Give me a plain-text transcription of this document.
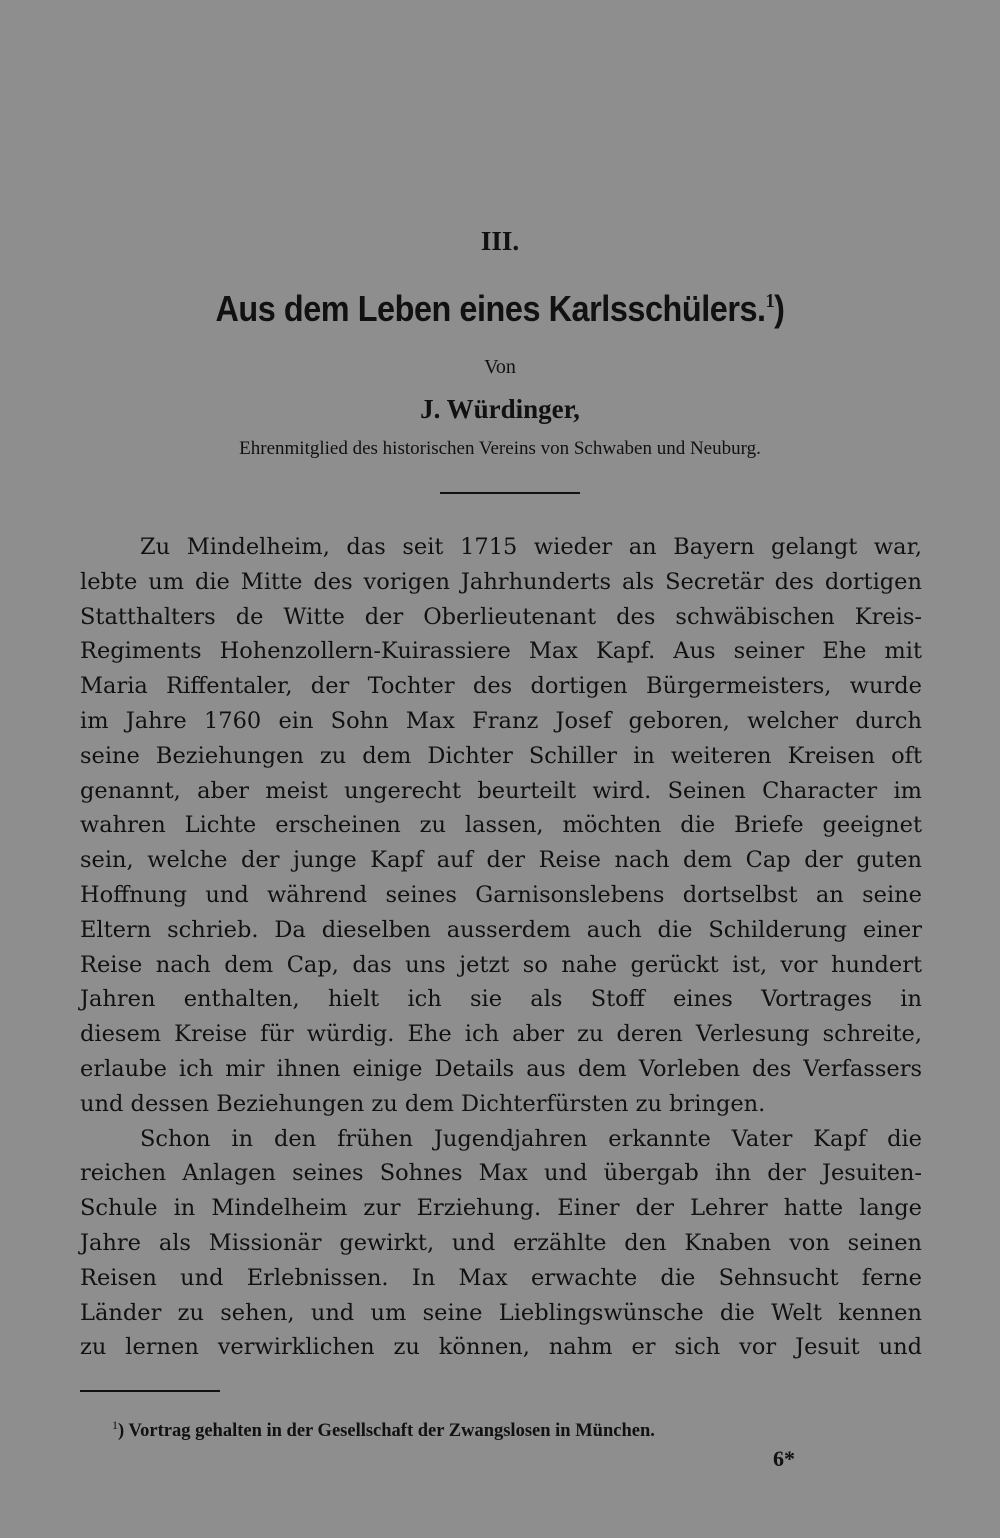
III.
Aus dem Leben eines Karlsschülers.$^1$)
Von
J. Würdinger,
Ehrenmitglied des historischen Vereins von Schwaben und Neuburg.
Zu Mindelheim, das seit 1715 wieder an Bayern gelangt war,
lebte um die Mitte des vorigen Jahrhunderts als Secretär des dortigen
Statthalters de Witte der Oberlieutenant des schwäbischen Kreis-
Regiments Hohenzollern-Kuirassiere Max Kapf. Aus seiner Ehe mit
Maria Riffentaler, der Tochter des dortigen Bürgermeisters, wurde
im Jahre 1760 ein Sohn Max Franz Josef geboren, welcher durch
seine Beziehungen zu dem Dichter Schiller in weiteren Kreisen oft
genannt, aber meist ungerecht beurteilt wird. Seinen Character im
wahren Lichte erscheinen zu lassen, möchten die Briefe geeignet
sein, welche der junge Kapf auf der Reise nach dem Cap der guten
Hoffnung und während seines Garnisonslebens dortselbst an seine
Eltern schrieb. Da dieselben ausserdem auch die Schilderung einer
Reise nach dem Cap, das uns jetzt so nahe gerückt ist, vor hundert
Jahren enthalten, hielt ich sie als Stoff eines Vortrages in
diesem Kreise für würdig. Ehe ich aber zu deren Verlesung schreite,
erlaube ich mir ihnen einige Details aus dem Vorleben des Verfassers
und dessen Beziehungen zu dem Dichterfürsten zu bringen.
Schon in den frühen Jugendjahren erkannte Vater Kapf die
reichen Anlagen seines Sohnes Max und übergab ihn der Jesuiten-
Schule in Mindelheim zur Erziehung. Einer der Lehrer hatte lange
Jahre als Missionär gewirkt, und erzählte den Knaben von seinen
Reisen und Erlebnissen. In Max erwachte die Sehnsucht ferne
Länder zu sehen, und um seine Lieblingswünsche die Welt kennen
zu lernen verwirklichen zu können, nahm er sich vor Jesuit und
$^1$) Vortrag gehalten in der Gesellschaft der Zwangslosen in München.
6*
